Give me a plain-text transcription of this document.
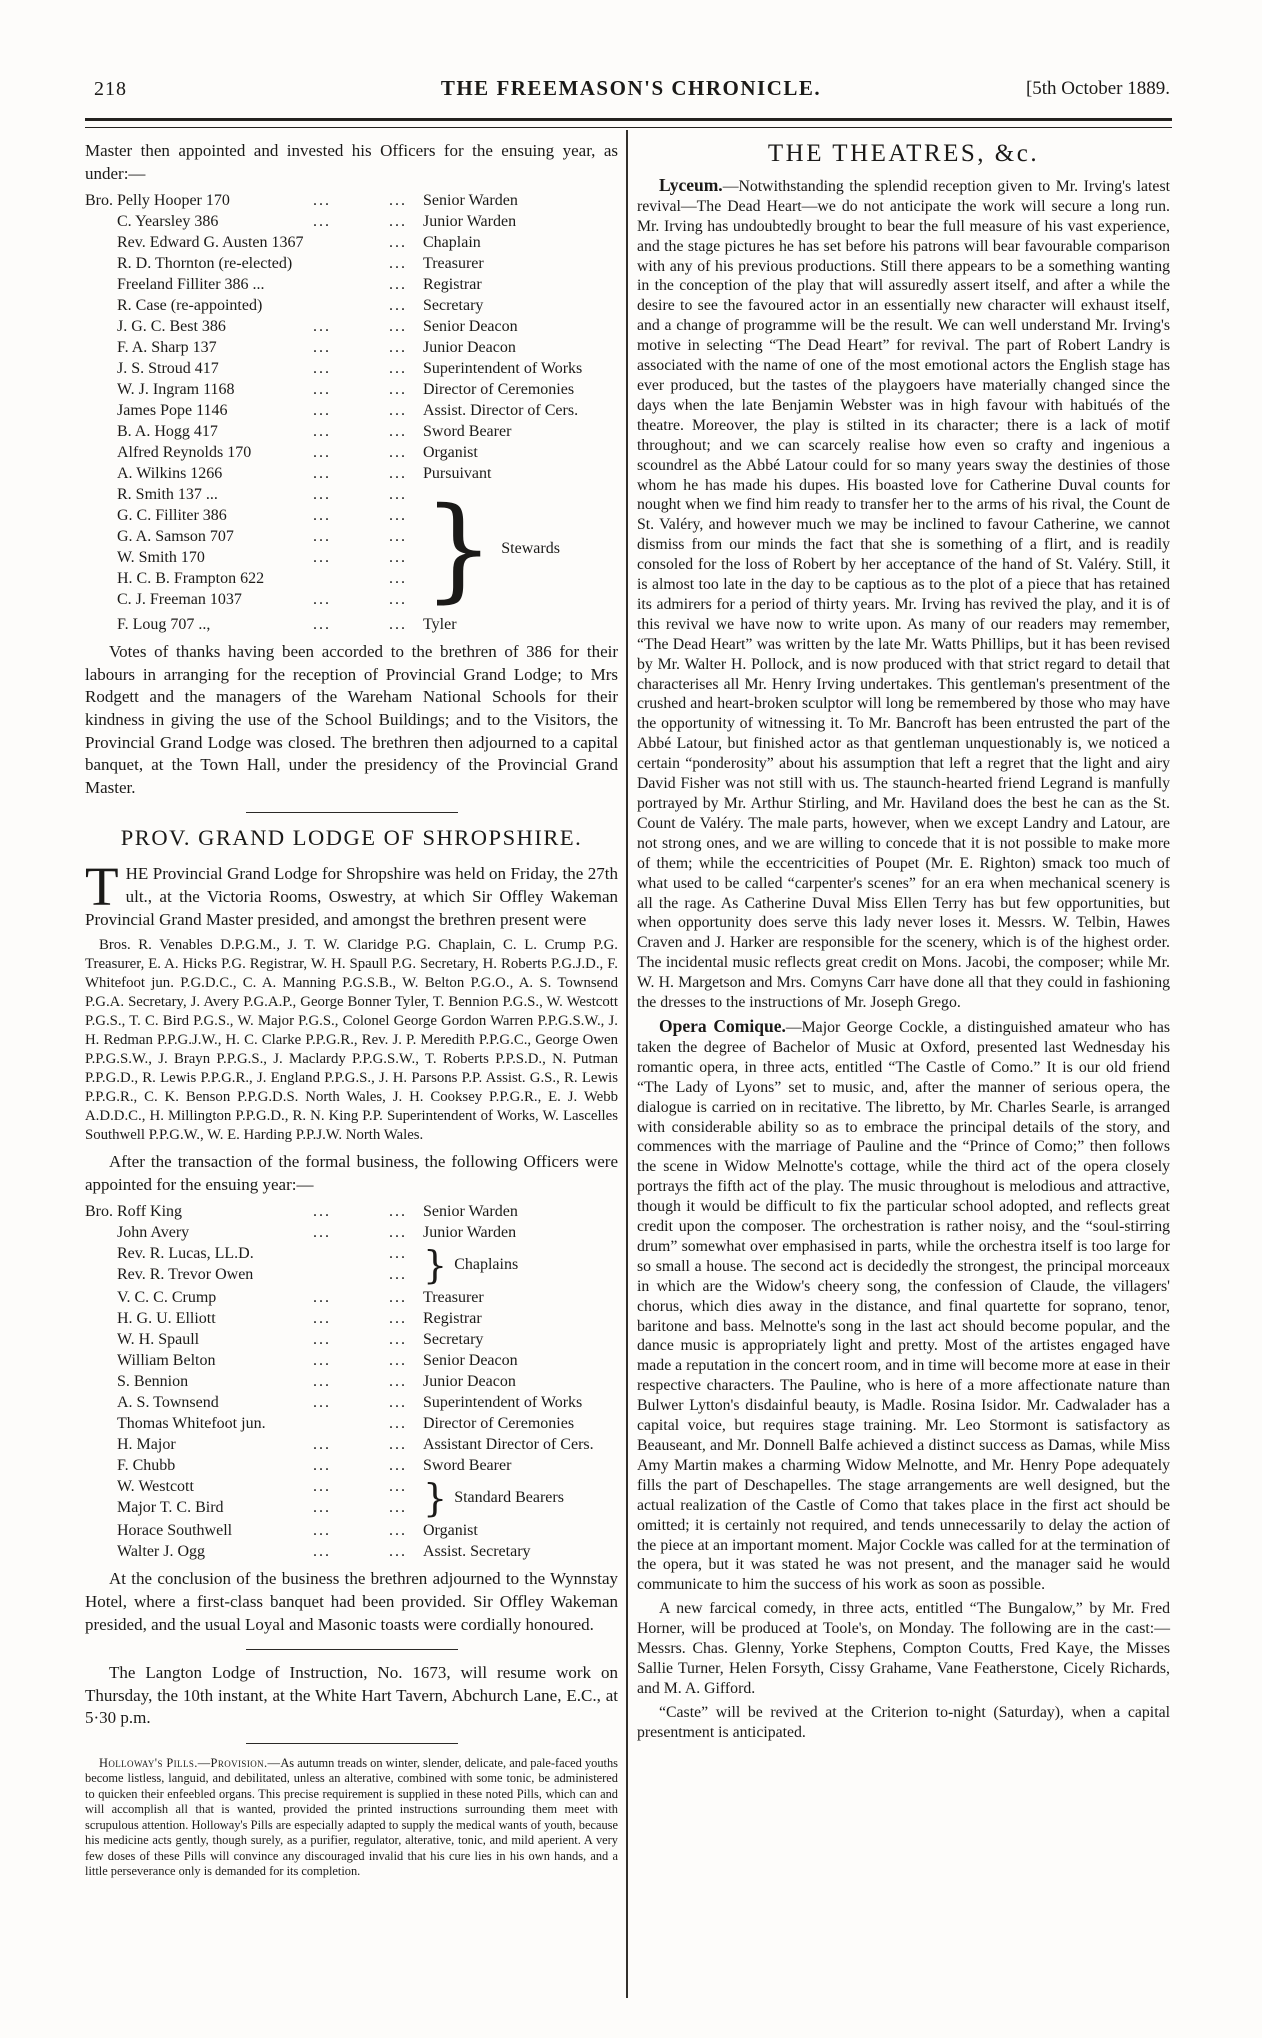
218	THE FREEMASON'S CHRONICLE.	[5th October 1889.

Master then appointed and invested his Officers for the ensuing year, as under:—

Bro. Pelly Hooper 170	...	...	Senior Warden
C. Yearsley 386	...	...	Junior Warden
Rev. Edward G. Austen 1367	...	Chaplain
R. D. Thornton (re-elected)	...	Treasurer
Freeland Filliter 386 ...	...	Registrar
R. Case (re-appointed)	...	Secretary
J. G. C. Best 386	...	...	Senior Deacon
F. A. Sharp 137	...	...	Junior Deacon
J. S. Stroud 417	...	...	Superintendent of Works
W. J. Ingram 1168	...	...	Director of Ceremonies
James Pope 1146	...	...	Assist. Director of Cers.
B. A. Hogg 417	...	...	Sword Bearer
Alfred Reynolds 170	...	...	Organist
A. Wilkins 1266	...	...	Pursuivant
R. Smith 137 ...	...	...
G. C. Filliter 386	...	...
G. A. Samson 707	...	...
W. Smith 170	...	...
H. C. B. Frampton 622	...
C. J. Freeman 1037	...	... } Stewards
F. Loug 707 ..,	...	...	Tyler

Votes of thanks having been accorded to the brethren of 386 for their labours in arranging for the reception of Provincial Grand Lodge; to Mrs Rodgett and the managers of the Wareham National Schools for their kindness in giving the use of the School Buildings; and to the Visitors, the Provincial Grand Lodge was closed. The brethren then adjourned to a capital banquet, at the Town Hall, under the presidency of the Provincial Grand Master.

PROV. GRAND LODGE OF SHROPSHIRE.

THE Provincial Grand Lodge for Shropshire was held on Friday, the 27th ult., at the Victoria Rooms, Oswestry, at which Sir Offley Wakeman Provincial Grand Master presided, and amongst the brethren present were

Bros. R. Venables D.P.G.M., J. T. W. Claridge P.G. Chaplain, C. L. Crump P.G. Treasurer, E. A. Hicks P.G. Registrar, W. H. Spaull P.G. Secretary, H. Roberts P.G.J.D., F. Whitefoot jun. P.G.D.C., C. A. Manning P.G.S.B., W. Belton P.G.O., A. S. Townsend P.G.A. Secretary, J. Avery P.G.A.P., George Bonner Tyler, T. Bennion P.G.S., W. Westcott P.G.S., T. C. Bird P.G.S., W. Major P.G.S., Colonel George Gordon Warren P.P.G.S.W., J. H. Redman P.P.G.J.W., H. C. Clarke P.P.G.R., Rev. J. P. Meredith P.P.G.C., George Owen P.P.G.S.W., J. Brayn P.P.G.S., J. Maclardy P.P.G.S.W., T. Roberts P.P.S.D., N. Putman P.P.G.D., R. Lewis P.P.G.R., J. England P.P.G.S., J. H. Parsons P.P. Assist. G.S., R. Lewis P.P.G.R., C. K. Benson P.P.G.D.S. North Wales, J. H. Cooksey P.P.G.R., E. J. Webb A.D.D.C., H. Millington P.P.G.D., R. N. King P.P. Superintendent of Works, W. Lascelles Southwell P.P.G.W., W. E. Harding P.P.J.W. North Wales.

After the transaction of the formal business, the following Officers were appointed for the ensuing year:—

Bro. Roff King	...	...	Senior Warden
John Avery	...	...	Junior Warden
Rev. R. Lucas, LL.D.	...
Rev. R. Trevor Owen	... } Chaplains
V. C. C. Crump	...	...	Treasurer
H. G. U. Elliott	...	...	Registrar
W. H. Spaull	...	...	Secretary
William Belton	...	...	Senior Deacon
S. Bennion	...	...	Junior Deacon
A. S. Townsend	...	...	Superintendent of Works
Thomas Whitefoot jun.	...	Director of Ceremonies
H. Major	...	...	Assistant Director of Cers.
F. Chubb	...	...	Sword Bearer
W. Westcott	...	...
Major T. C. Bird	...	... } Standard Bearers
Horace Southwell	...	...	Organist
Walter J. Ogg	...	...	Assist. Secretary

At the conclusion of the business the brethren adjourned to the Wynnstay Hotel, where a first-class banquet had been provided. Sir Offley Wakeman presided, and the usual Loyal and Masonic toasts were cordially honoured.

The Langton Lodge of Instruction, No. 1673, will resume work on Thursday, the 10th instant, at the White Hart Tavern, Abchurch Lane, E.C., at 5·30 p.m.

Holloway's Pills.—Provision.—As autumn treads on winter, slender, delicate, and pale-faced youths become listless, languid, and debilitated, unless an alterative, combined with some tonic, be administered to quicken their enfeebled organs. This precise requirement is supplied in these noted Pills, which can and will accomplish all that is wanted, provided the printed instructions surrounding them meet with scrupulous attention. Holloway's Pills are especially adapted to supply the medical wants of youth, because his medicine acts gently, though surely, as a purifier, regulator, alterative, tonic, and mild aperient. A very few doses of these Pills will convince any discouraged invalid that his cure lies in his own hands, and a little perseverance only is demanded for its completion.

THE THEATRES, &c.

Lyceum.—Notwithstanding the splendid reception given to Mr. Irving's latest revival—The Dead Heart—we do not anticipate the work will secure a long run. Mr. Irving has undoubtedly brought to bear the full measure of his vast experience, and the stage pictures he has set before his patrons will bear favourable comparison with any of his previous productions. Still there appears to be a something wanting in the conception of the play that will assuredly assert itself, and after a while the desire to see the favoured actor in an essentially new character will exhaust itself, and a change of programme will be the result. We can well understand Mr. Irving's motive in selecting “The Dead Heart” for revival. The part of Robert Landry is associated with the name of one of the most emotional actors the English stage has ever produced, but the tastes of the playgoers have materially changed since the days when the late Benjamin Webster was in high favour with habitués of the theatre. Moreover, the play is stilted in its character; there is a lack of motif throughout; and we can scarcely realise how even so crafty and ingenious a scoundrel as the Abbé Latour could for so many years sway the destinies of those whom he has made his dupes. His boasted love for Catherine Duval counts for nought when we find him ready to transfer her to the arms of his rival, the Count de St. Valéry, and however much we may be inclined to favour Catherine, we cannot dismiss from our minds the fact that she is something of a flirt, and is readily consoled for the loss of Robert by her acceptance of the hand of St. Valéry. Still, it is almost too late in the day to be captious as to the plot of a piece that has retained its admirers for a period of thirty years. Mr. Irving has revived the play, and it is of this revival we have now to write upon. As many of our readers may remember, “The Dead Heart” was written by the late Mr. Watts Phillips, but it has been revised by Mr. Walter H. Pollock, and is now produced with that strict regard to detail that characterises all Mr. Henry Irving undertakes. This gentleman's presentment of the crushed and heart-broken sculptor will long be remembered by those who may have the opportunity of witnessing it. To Mr. Bancroft has been entrusted the part of the Abbé Latour, but finished actor as that gentleman unquestionably is, we noticed a certain “ponderosity” about his assumption that left a regret that the light and airy David Fisher was not still with us. The staunch-hearted friend Legrand is manfully portrayed by Mr. Arthur Stirling, and Mr. Haviland does the best he can as the St. Count de Valéry. The male parts, however, when we except Landry and Latour, are not strong ones, and we are willing to concede that it is not possible to make more of them; while the eccentricities of Poupet (Mr. E. Righton) smack too much of what used to be called “carpenter's scenes” for an era when mechanical scenery is all the rage. As Catherine Duval Miss Ellen Terry has but few opportunities, but when opportunity does serve this lady never loses it. Messrs. W. Telbin, Hawes Craven and J. Harker are responsible for the scenery, which is of the highest order. The incidental music reflects great credit on Mons. Jacobi, the composer; while Mr. W. H. Margetson and Mrs. Comyns Carr have done all that they could in fashioning the dresses to the instructions of Mr. Joseph Grego.

Opera Comique.—Major George Cockle, a distinguished amateur who has taken the degree of Bachelor of Music at Oxford, presented last Wednesday his romantic opera, in three acts, entitled “The Castle of Como.” It is our old friend “The Lady of Lyons” set to music, and, after the manner of serious opera, the dialogue is carried on in recitative. The libretto, by Mr. Charles Searle, is arranged with considerable ability so as to embrace the principal details of the story, and commences with the marriage of Pauline and the “Prince of Como;” then follows the scene in Widow Melnotte's cottage, while the third act of the opera closely portrays the fifth act of the play. The music throughout is melodious and attractive, though it would be difficult to fix the particular school adopted, and reflects great credit upon the composer. The orchestration is rather noisy, and the “soul-stirring drum” somewhat over emphasised in parts, while the orchestra itself is too large for so small a house. The second act is decidedly the strongest, the principal morceaux in which are the Widow's cheery song, the confession of Claude, the villagers' chorus, which dies away in the distance, and final quartette for soprano, tenor, baritone and bass. Melnotte's song in the last act should become popular, and the dance music is appropriately light and pretty. Most of the artistes engaged have made a reputation in the concert room, and in time will become more at ease in their respective characters. The Pauline, who is here of a more affectionate nature than Bulwer Lytton's disdainful beauty, is Madle. Rosina Isidor. Mr. Cadwalader has a capital voice, but requires stage training. Mr. Leo Stormont is satisfactory as Beauseant, and Mr. Donnell Balfe achieved a distinct success as Damas, while Miss Amy Martin makes a charming Widow Melnotte, and Mr. Henry Pope adequately fills the part of Deschapelles. The stage arrangements are well designed, but the actual realization of the Castle of Como that takes place in the first act should be omitted; it is certainly not required, and tends unnecessarily to delay the action of the piece at an important moment. Major Cockle was called for at the termination of the opera, but it was stated he was not present, and the manager said he would communicate to him the success of his work as soon as possible.

A new farcical comedy, in three acts, entitled “The Bungalow,” by Mr. Fred Horner, will be produced at Toole's, on Monday. The following are in the cast:—Messrs. Chas. Glenny, Yorke Stephens, Compton Coutts, Fred Kaye, the Misses Sallie Turner, Helen Forsyth, Cissy Grahame, Vane Featherstone, Cicely Richards, and M. A. Gifford.

“Caste” will be revived at the Criterion to-night (Saturday), when a capital presentment is anticipated.
